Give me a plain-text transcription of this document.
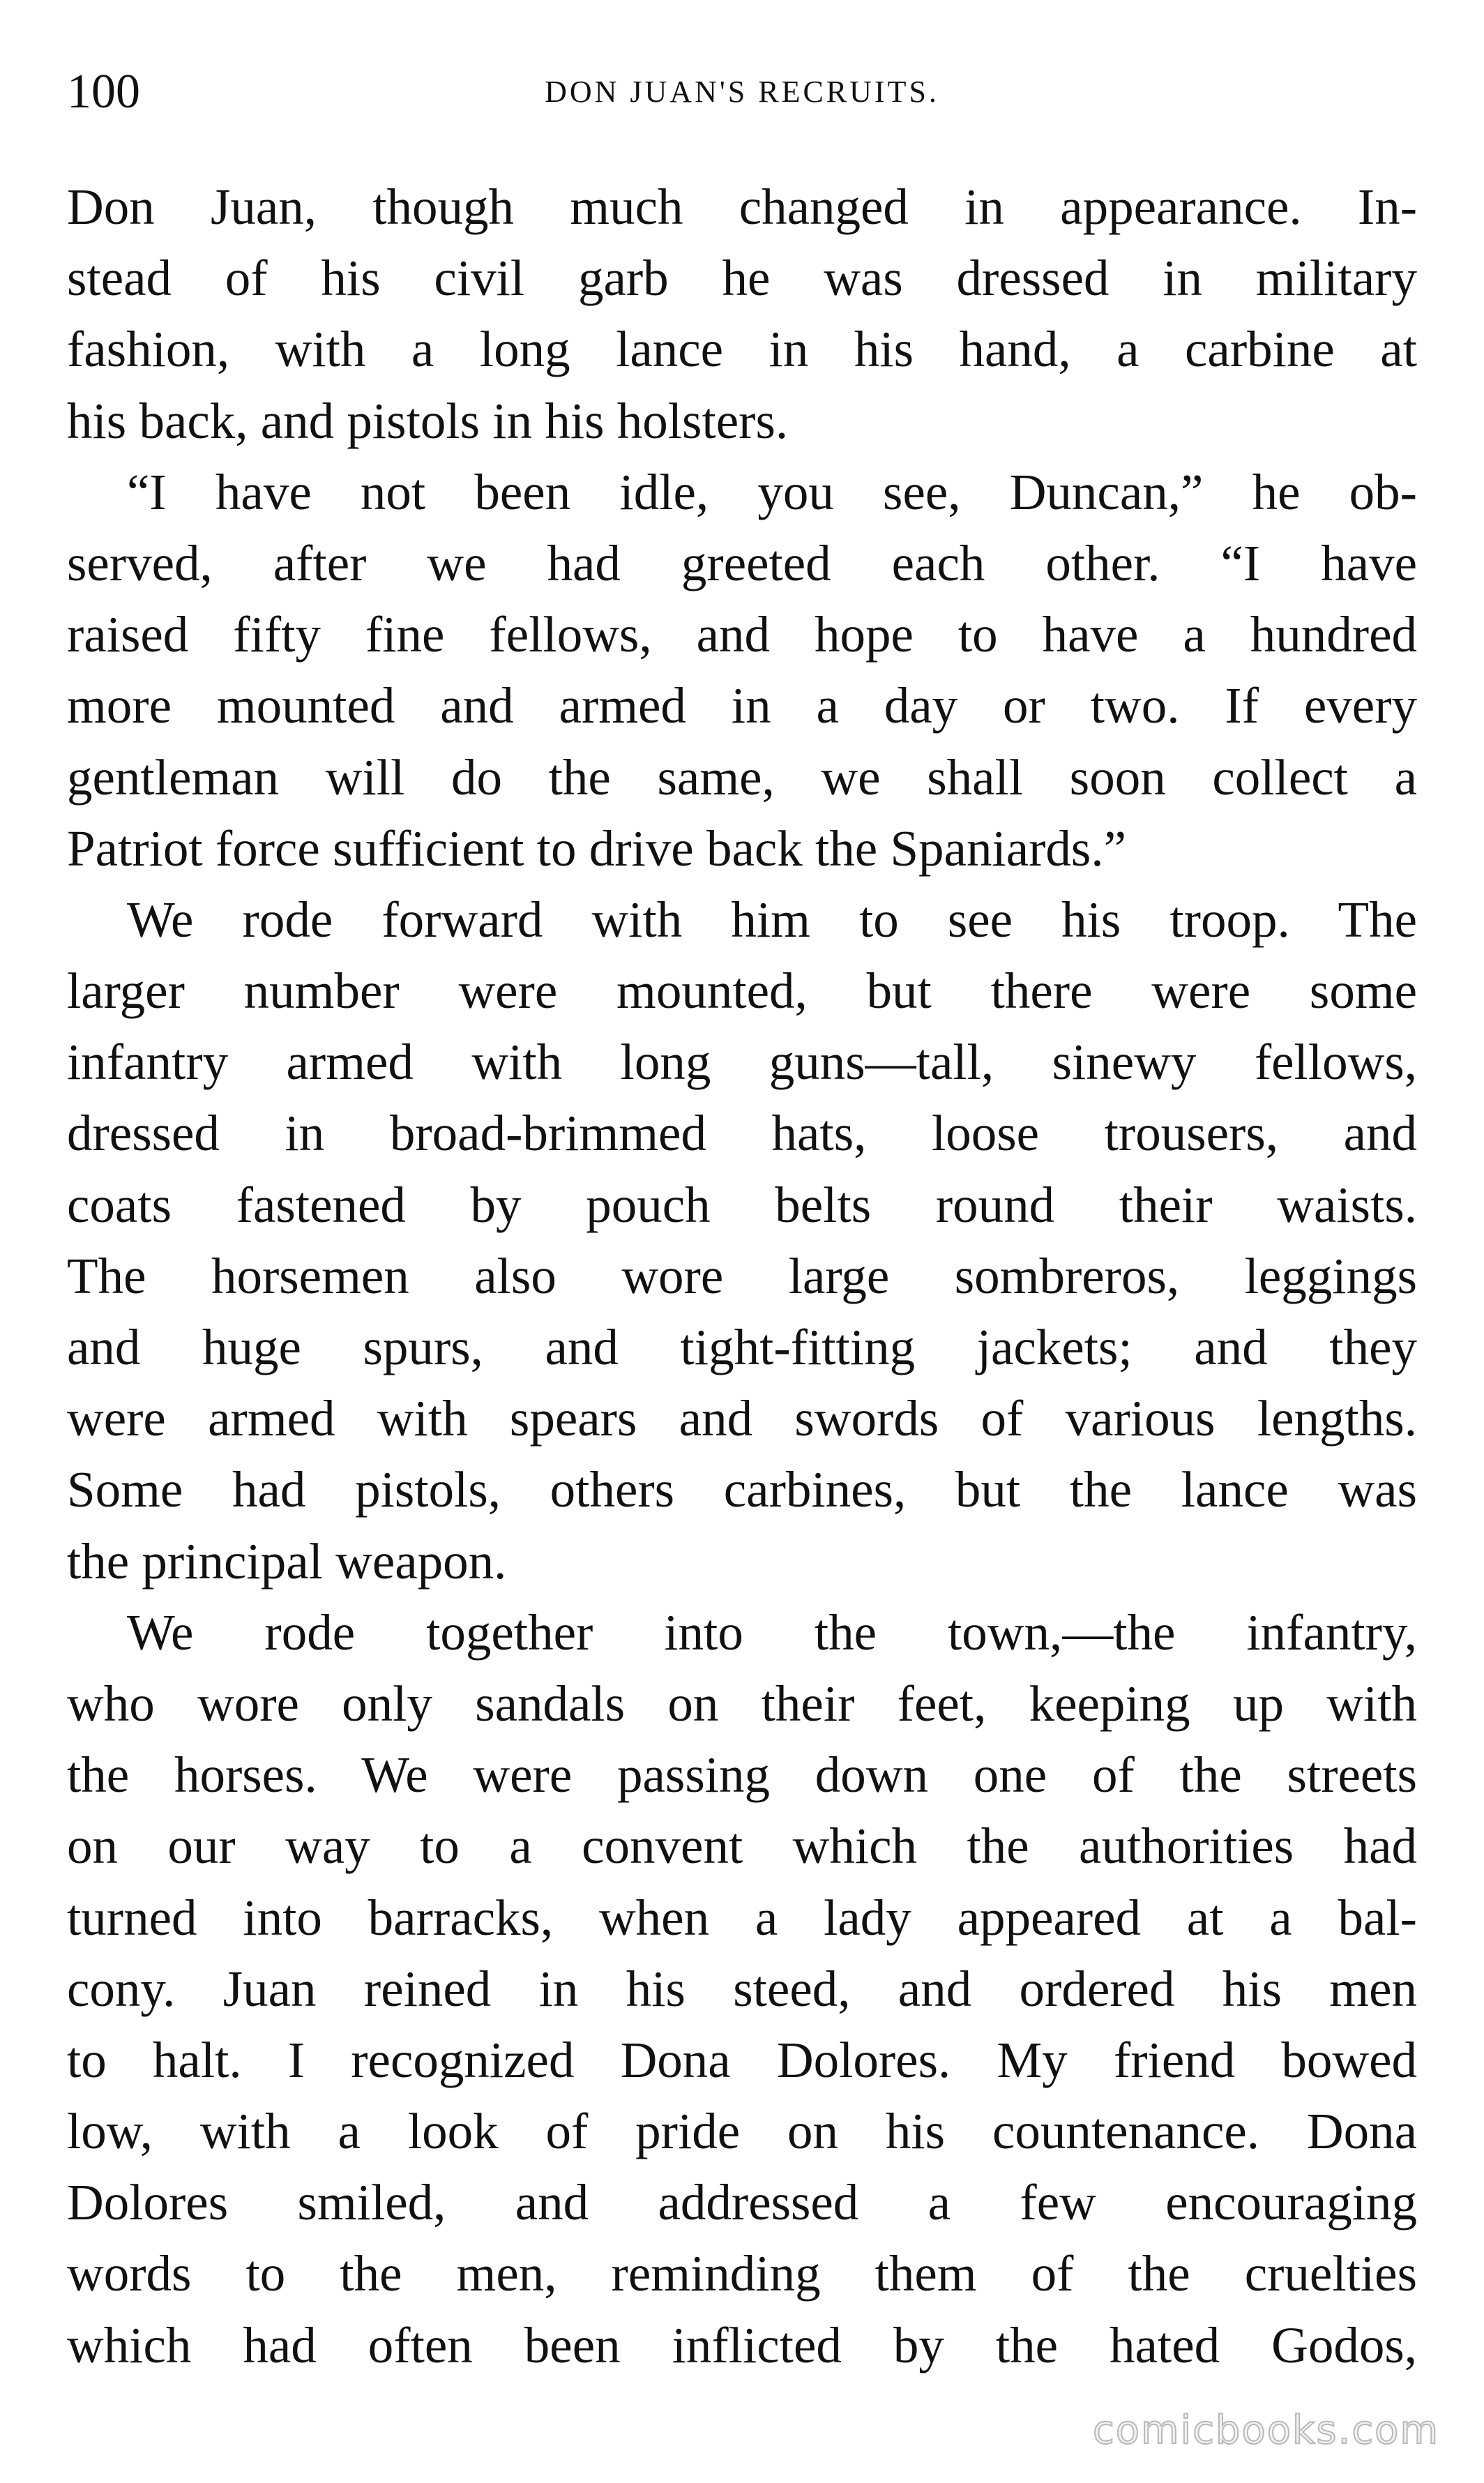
100	DON JUAN'S RECRUITS.
Don Juan, though much changed in appearance. In-
stead of his civil garb he was dressed in military
fashion, with a long lance in his hand, a carbine at
his back, and pistols in his holsters.
“I have not been idle, you see, Duncan,” he ob-
served, after we had greeted each other. “I have
raised fifty fine fellows, and hope to have a hundred
more mounted and armed in a day or two. If every
gentleman will do the same, we shall soon collect a
Patriot force sufficient to drive back the Spaniards.”
We rode forward with him to see his troop. The
larger number were mounted, but there were some
infantry armed with long guns—tall, sinewy fellows,
dressed in broad-brimmed hats, loose trousers, and
coats fastened by pouch belts round their waists.
The horsemen also wore large sombreros, leggings
and huge spurs, and tight-fitting jackets; and they
were armed with spears and swords of various lengths.
Some had pistols, others carbines, but the lance was
the principal weapon.
We rode together into the town,—the infantry,
who wore only sandals on their feet, keeping up with
the horses. We were passing down one of the streets
on our way to a convent which the authorities had
turned into barracks, when a lady appeared at a bal-
cony. Juan reined in his steed, and ordered his men
to halt. I recognized Dona Dolores. My friend bowed
low, with a look of pride on his countenance. Dona
Dolores smiled, and addressed a few encouraging
words to the men, reminding them of the cruelties
which had often been inflicted by the hated Godos,
comicbooks.com
